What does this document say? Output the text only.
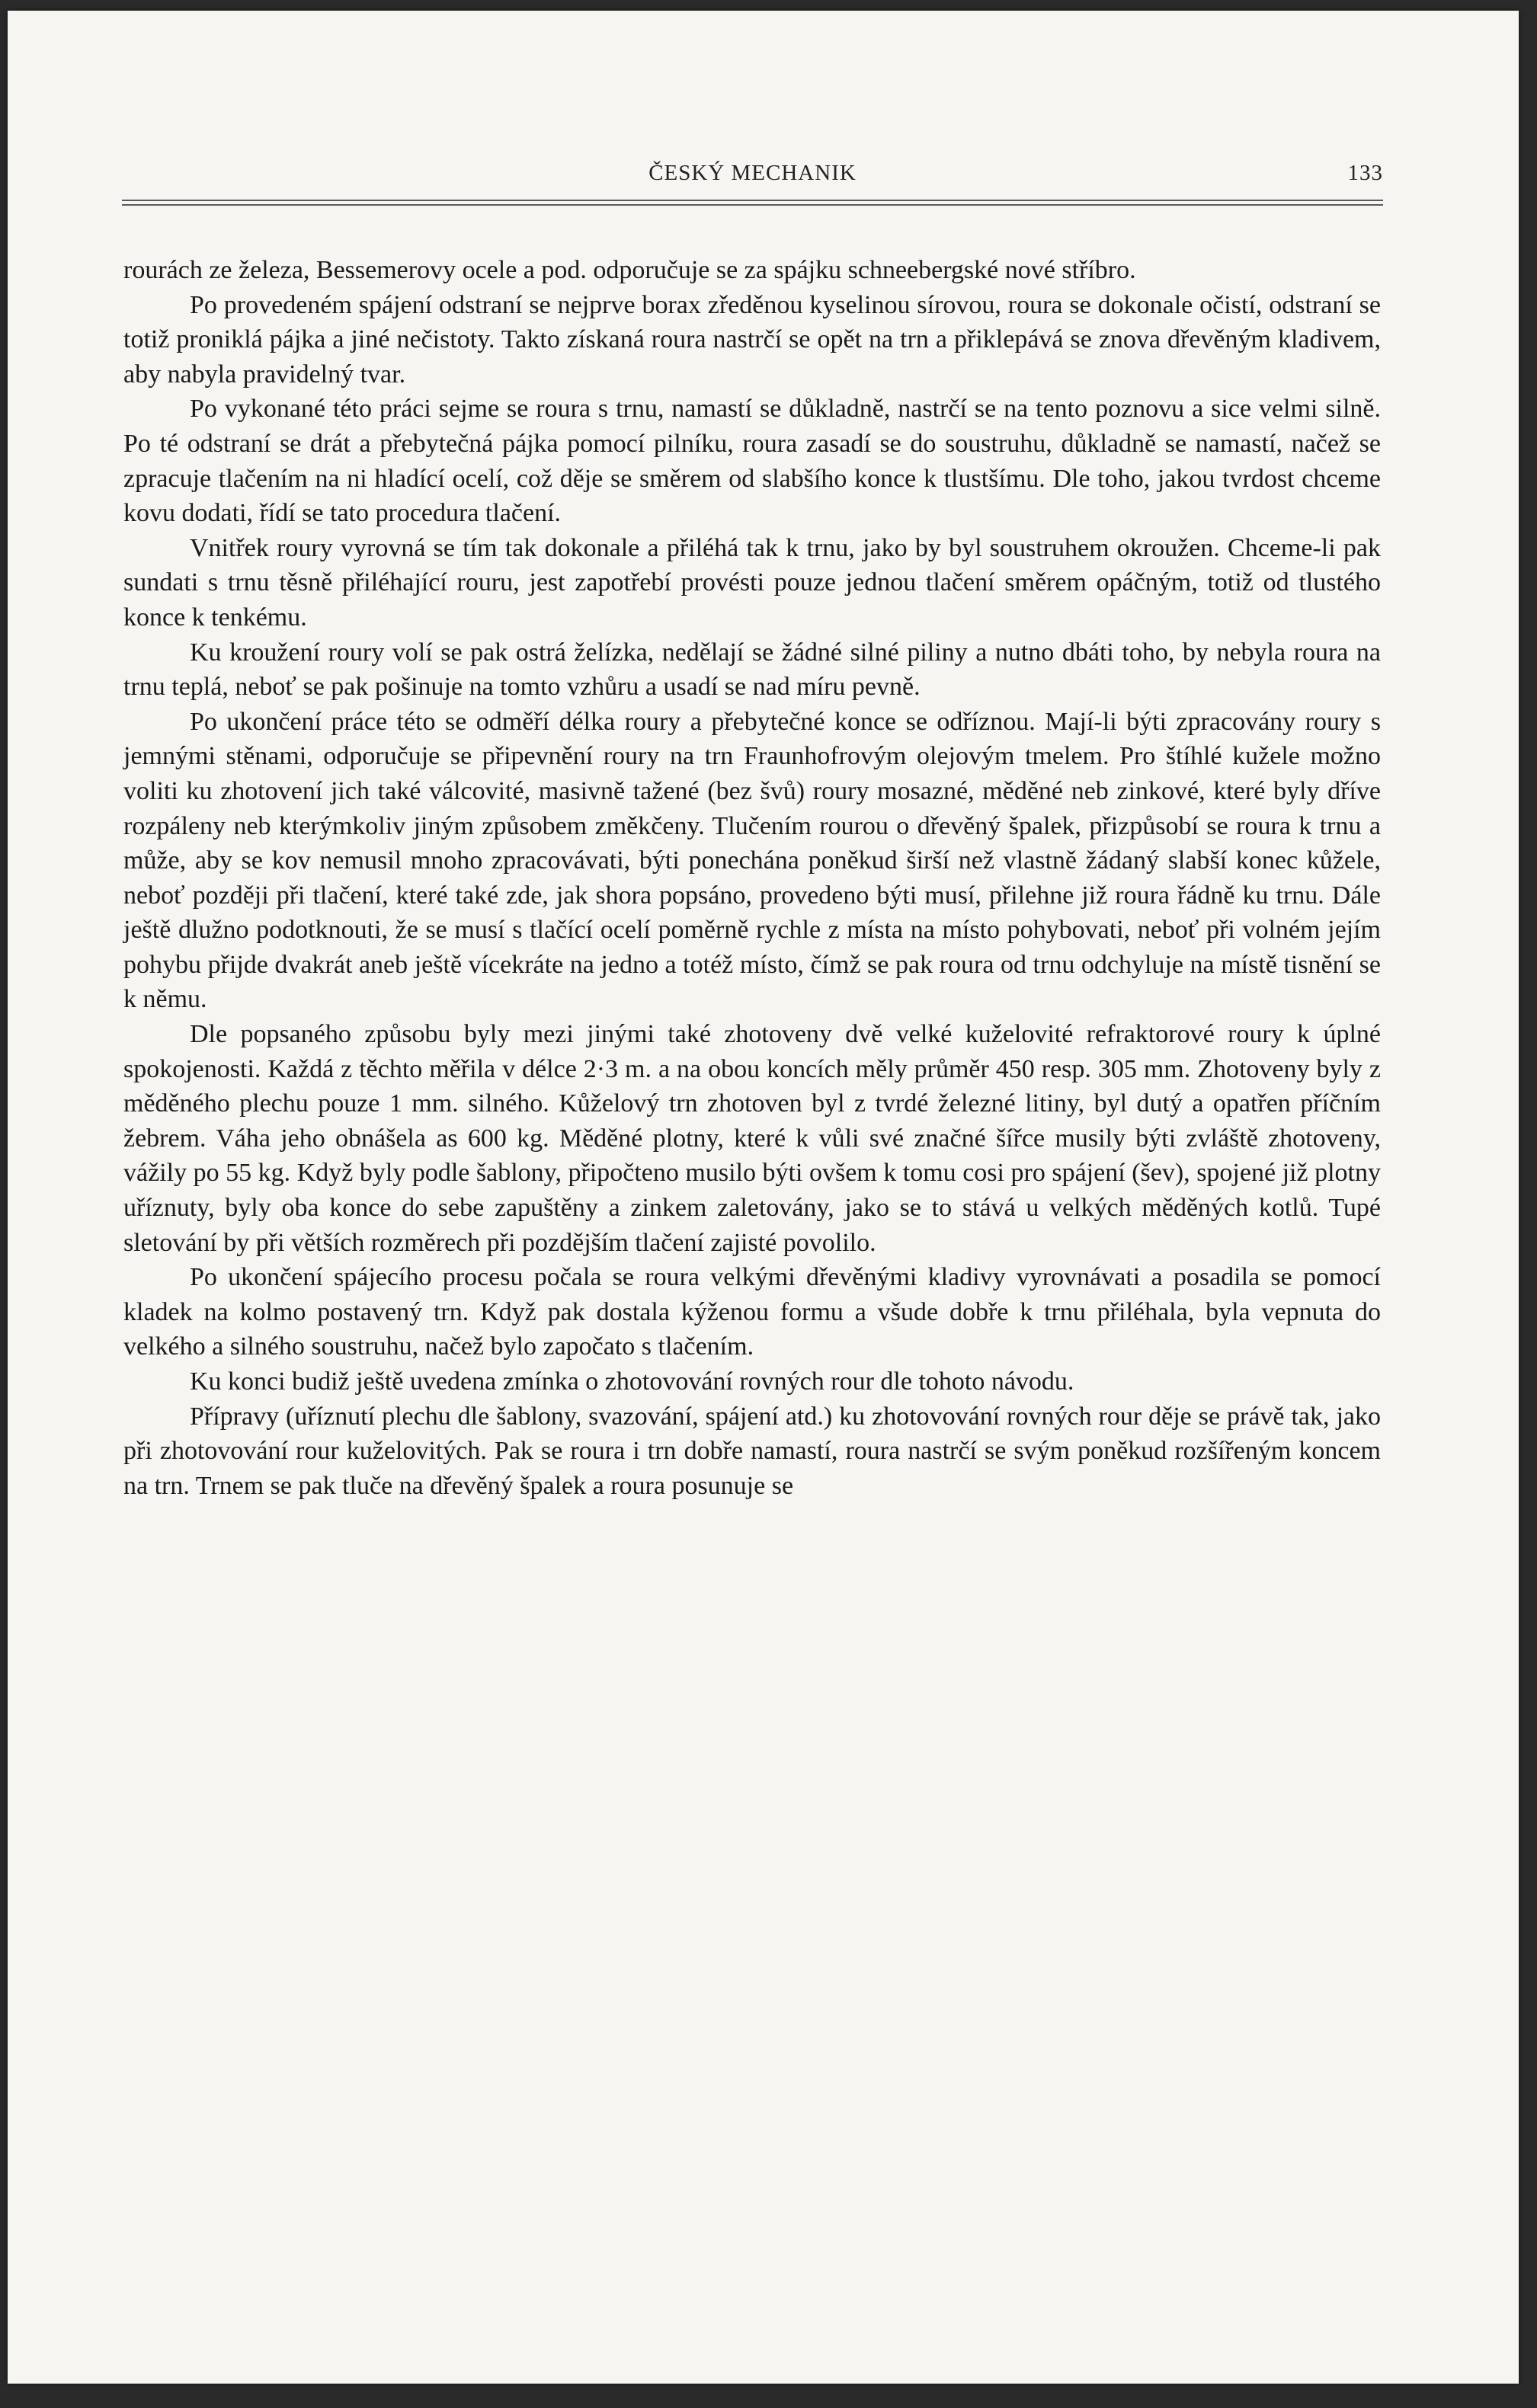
ČESKÝ MECHANIK	133

rourách ze železa, Bessemerovy ocele a pod. odporučuje se za spájku schneebergské nové stříbro.

Po provedeném spájení odstraní se nejprve borax zředěnou kyselinou sírovou, roura se dokonale očistí, odstraní se totiž proniklá pájka a jiné nečistoty. Takto získaná roura nastrčí se opět na trn a přiklepává se znova dřevěným kladivem, aby nabyla pravidelný tvar.

Po vykonané této práci sejme se roura s trnu, namastí se důkladně, nastrčí se na tento poznovu a sice velmi silně. Po té odstraní se drát a přebytečná pájka pomocí pilníku, roura zasadí se do soustruhu, důkladně se namastí, načež se zpracuje tlačením na ni hladící ocelí, což děje se směrem od slabšího konce k tlustšímu. Dle toho, jakou tvrdost chceme kovu dodati, řídí se tato procedura tlačení.

Vnitřek roury vyrovná se tím tak dokonale a přiléhá tak k trnu, jako by byl soustruhem okroužen. Chceme-li pak sundati s trnu těsně přiléhající rouru, jest zapotřebí provésti pouze jednou tlačení směrem opáčným, totiž od tlustého konce k tenkému.

Ku kroužení roury volí se pak ostrá želízka, nedělají se žádné silné piliny a nutno dbáti toho, by nebyla roura na trnu teplá, neboť se pak pošinuje na tomto vzhůru a usadí se nad míru pevně.

Po ukončení práce této se odměří délka roury a přebytečné konce se odříznou. Mají-li býti zpracovány roury s jemnými stěnami, odporučuje se připevnění roury na trn Fraunhofrovým olejovým tmelem. Pro štíhlé kužele možno voliti ku zhotovení jich také válcovité, masivně tažené (bez švů) roury mosazné, měděné neb zinkové, které byly dříve rozpáleny neb kterýmkoliv jiným způsobem změkčeny. Tlučením rourou o dřevěný špalek, přizpůsobí se roura k trnu a může, aby se kov nemusil mnoho zpracovávati, býti ponechána poněkud širší než vlastně žádaný slabší konec kůžele, neboť později při tlačení, které také zde, jak shora popsáno, provedeno býti musí, přilehne již roura řádně ku trnu. Dále ještě dlužno podotknouti, že se musí s tlačící ocelí poměrně rychle z místa na místo pohybovati, neboť při volném jejím pohybu přijde dvakrát aneb ještě vícekráte na jedno a totéž místo, čímž se pak roura od trnu odchyluje na místě tisnění se k němu.

Dle popsaného způsobu byly mezi jinými také zhotoveny dvě velké kuželovité refraktorové roury k úplné spokojenosti. Každá z těchto měřila v délce 2·3 m. a na obou koncích měly průměr 450 resp. 305 mm. Zhotoveny byly z měděného plechu pouze 1 mm. silného. Kůželový trn zhotoven byl z tvrdé železné litiny, byl dutý a opatřen příčním žebrem. Váha jeho obnášela as 600 kg. Měděné plotny, které k vůli své značné šířce musily býti zvláště zhotoveny, vážily po 55 kg. Když byly podle šablony, připočteno musilo býti ovšem k tomu cosi pro spájení (šev), spojené již plotny uříznuty, byly oba konce do sebe zapuštěny a zinkem zaletovány, jako se to stává u velkých měděných kotlů. Tupé sletování by při větších rozměrech při pozdějším tlačení zajisté povolilo.

Po ukončení spájecího procesu počala se roura velkými dřevěnými kladivy vyrovnávati a posadila se pomocí kladek na kolmo postavený trn. Když pak dostala kýženou formu a všude dobře k trnu přiléhala, byla vepnuta do velkého a silného soustruhu, načež bylo započato s tlačením.

Ku konci budiž ještě uvedena zmínka o zhotovování rovných rour dle tohoto návodu.

Přípravy (uříznutí plechu dle šablony, svazování, spájení atd.) ku zhotovování rovných rour děje se právě tak, jako při zhotovování rour kuželovitých. Pak se roura i trn dobře namastí, roura nastrčí se svým poněkud rozšířeným koncem na trn. Trnem se pak tluče na dřevěný špalek a roura posunuje se
